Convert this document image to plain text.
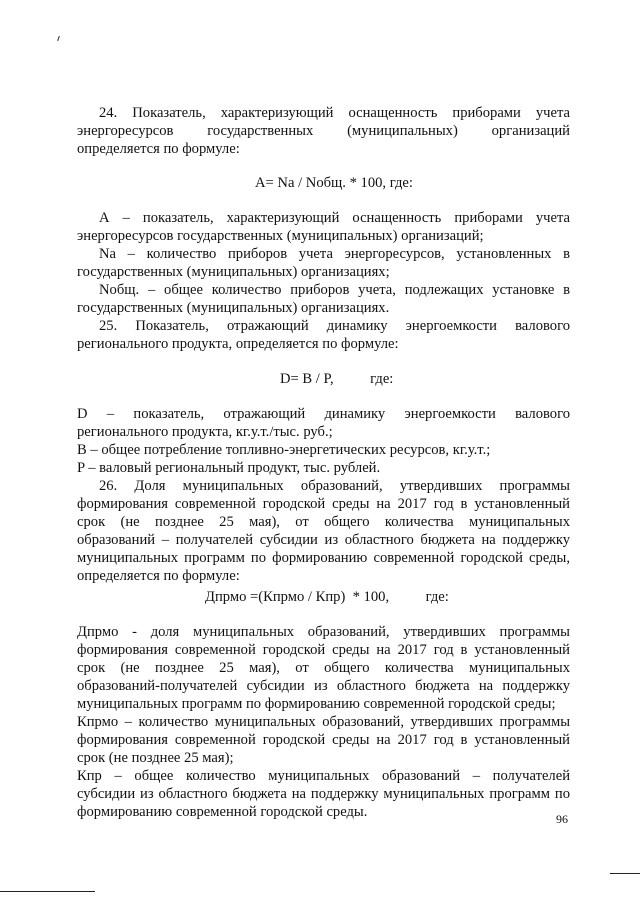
24. Показатель, характеризующий оснащенность приборами учета
энергоресурсов государственных (муниципальных) организаций
определяется по формуле:
A= Na / Nобщ. * 100, где:
А – показатель, характеризующий оснащенность приборами учета
энергоресурсов государственных (муниципальных) организаций;
Na – количество приборов учета энергоресурсов, установленных в
государственных (муниципальных) организациях;
Nобщ. – общее количество приборов учета, подлежащих установке в
государственных (муниципальных) организациях.
25. Показатель, отражающий динамику энергоемкости валового
регионального продукта, определяется по формуле:
D= B / P,          где:
D – показатель, отражающий динамику энергоемкости валового
регионального продукта, кг.у.т./тыс. руб.;
B – общее потребление топливно-энергетических ресурсов, кг.у.т.;
P – валовый региональный продукт, тыс. рублей.
26. Доля муниципальных образований, утвердивших программы
формирования современной городской среды на 2017 год в установленный
срок (не позднее 25 мая), от общего количества муниципальных
образований – получателей субсидии из областного бюджета на поддержку
муниципальных программ по формированию современной городской среды,
определяется по формуле:
Дпрмо =(Кпрмо / Кпр)  * 100,          где:
Дпрмо - доля муниципальных образований, утвердивших программы
формирования современной городской среды на 2017 год в установленный
срок (не позднее 25 мая), от общего количества муниципальных
образований-получателей субсидии из областного бюджета на поддержку
муниципальных программ по формированию современной городской среды;
Кпрмо – количество муниципальных образований, утвердивших программы
формирования современной городской среды на 2017 год в установленный
срок (не позднее 25 мая);
Кпр – общее количество муниципальных образований – получателей
субсидии из областного бюджета на поддержку муниципальных программ по
формированию современной городской среды.	96
